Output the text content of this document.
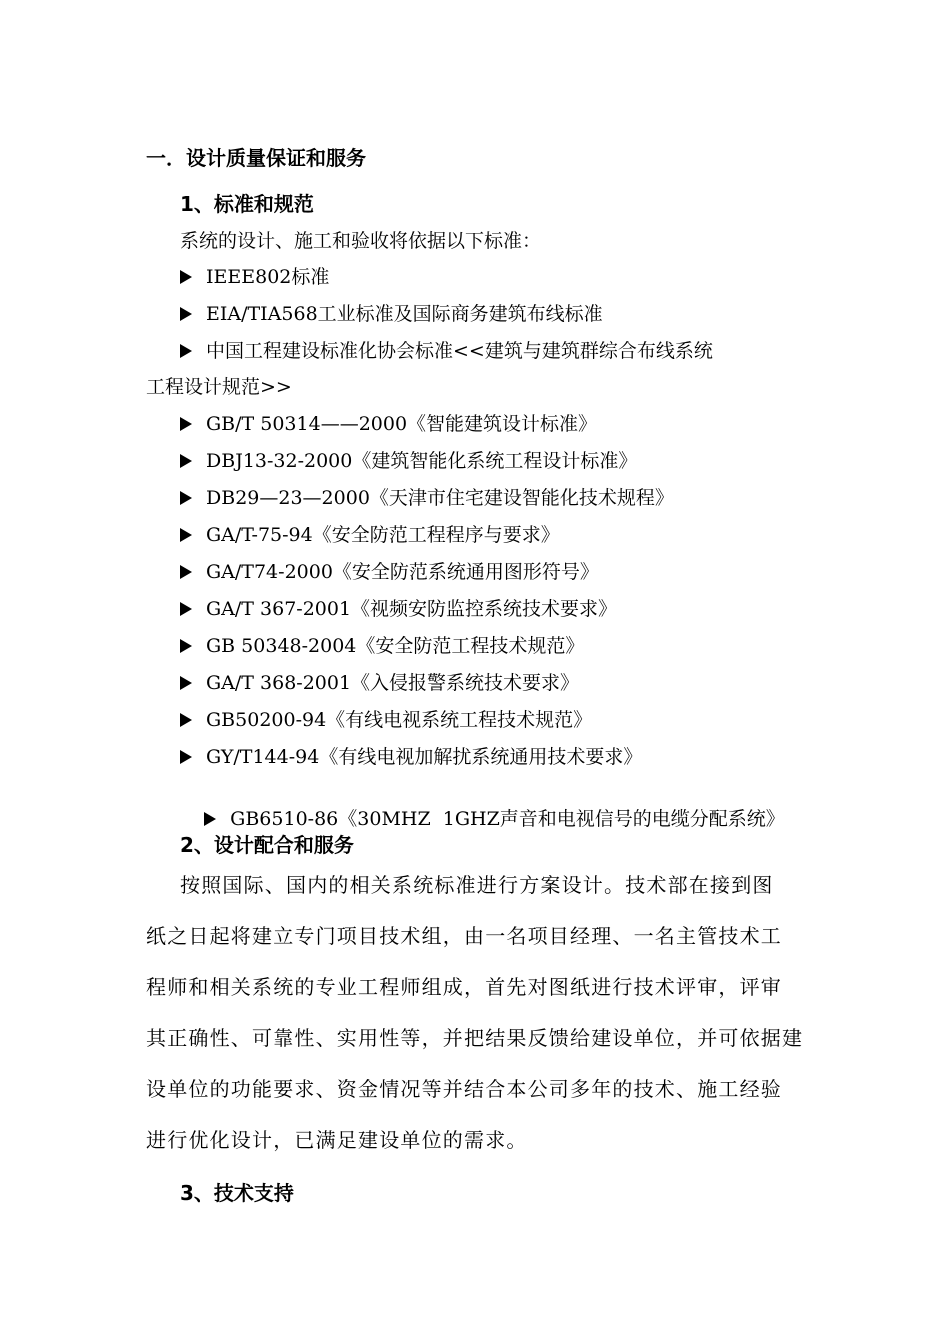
一．设计质量保证和服务
1、标准和规范
系统的设计、施工和验收将依据以下标准：
IEEE802标准
EIA/TIA568工业标准及国际商务建筑布线标准
中国工程建设标准化协会标准<<建筑与建筑群综合布线系统
工程设计规范>>
GB/T 50314——2000《智能建筑设计标准》
DBJ13-32-2000《建筑智能化系统工程设计标准》
DB29—23—2000《天津市住宅建设智能化技术规程》
GA/T-75-94《安全防范工程程序与要求》
GA/T74-2000《安全防范系统通用图形符号》
GA/T 367-2001《视频安防监控系统技术要求》
GB 50348-2004《安全防范工程技术规范》
GA/T 368-2001《入侵报警系统技术要求》
GB50200-94《有线电视系统工程技术规范》
GY/T144-94《有线电视加解扰系统通用技术要求》

GB6510-86《30MHZ  1GHZ声音和电视信号的电缆分配系统》

2、设计配合和服务
按照国际、国内的相关系统标准进行方案设计。技术部在接到图
纸之日起将建立专门项目技术组，由一名项目经理、一名主管技术工
程师和相关系统的专业工程师组成，首先对图纸进行技术评审，评审
其正确性、可靠性、实用性等，并把结果反馈给建设单位，并可依据建
设单位的功能要求、资金情况等并结合本公司多年的技术、施工经验
进行优化设计，已满足建设单位的需求。
3、技术支持
